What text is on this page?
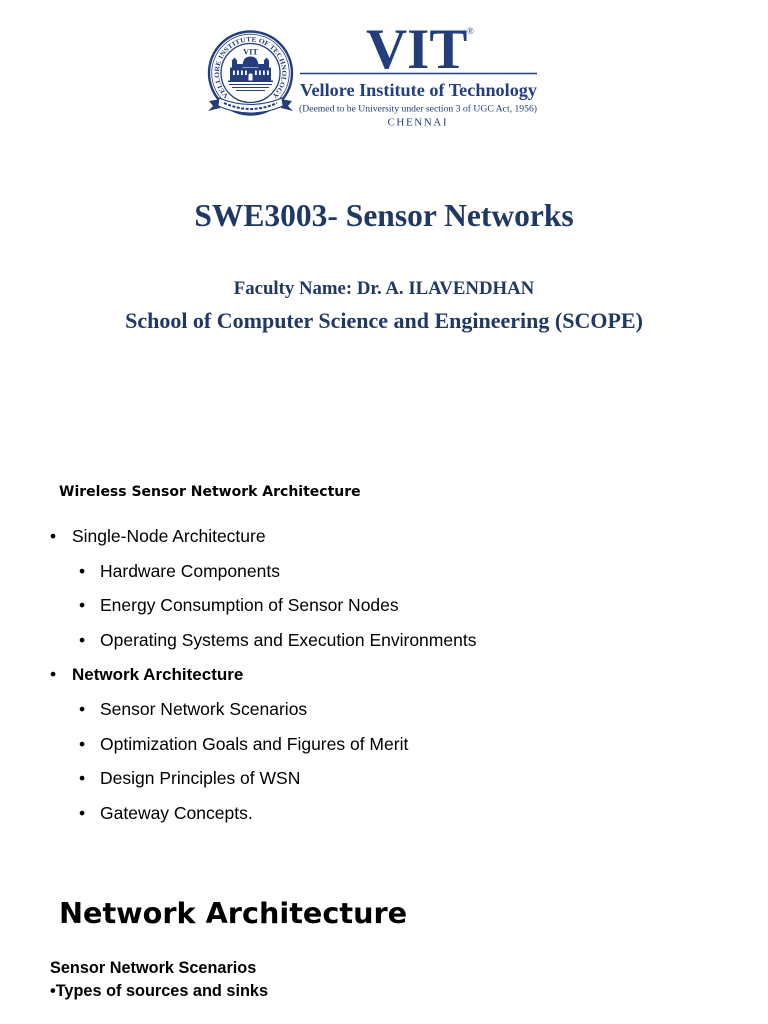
VELLORE INSTITUTE OF TECHNOLOGY
VIT VIT ®
Vellore Institute of Technology
(Deemed to be University under section 3 of UGC Act, 1956)
CHENNAI
SWE3003- Sensor Networks
Faculty Name: Dr. A. ILAVENDHAN
School of Computer Science and Engineering (SCOPE)
Wireless Sensor Network Architecture
• Single-Node Architecture
• Hardware Components
• Energy Consumption of Sensor Nodes
• Operating Systems and Execution Environments
• Network Architecture
• Sensor Network Scenarios
• Optimization Goals and Figures of Merit
• Design Principles of WSN
• Gateway Concepts.
Network Architecture
Sensor Network Scenarios
•Types of sources and sinks
